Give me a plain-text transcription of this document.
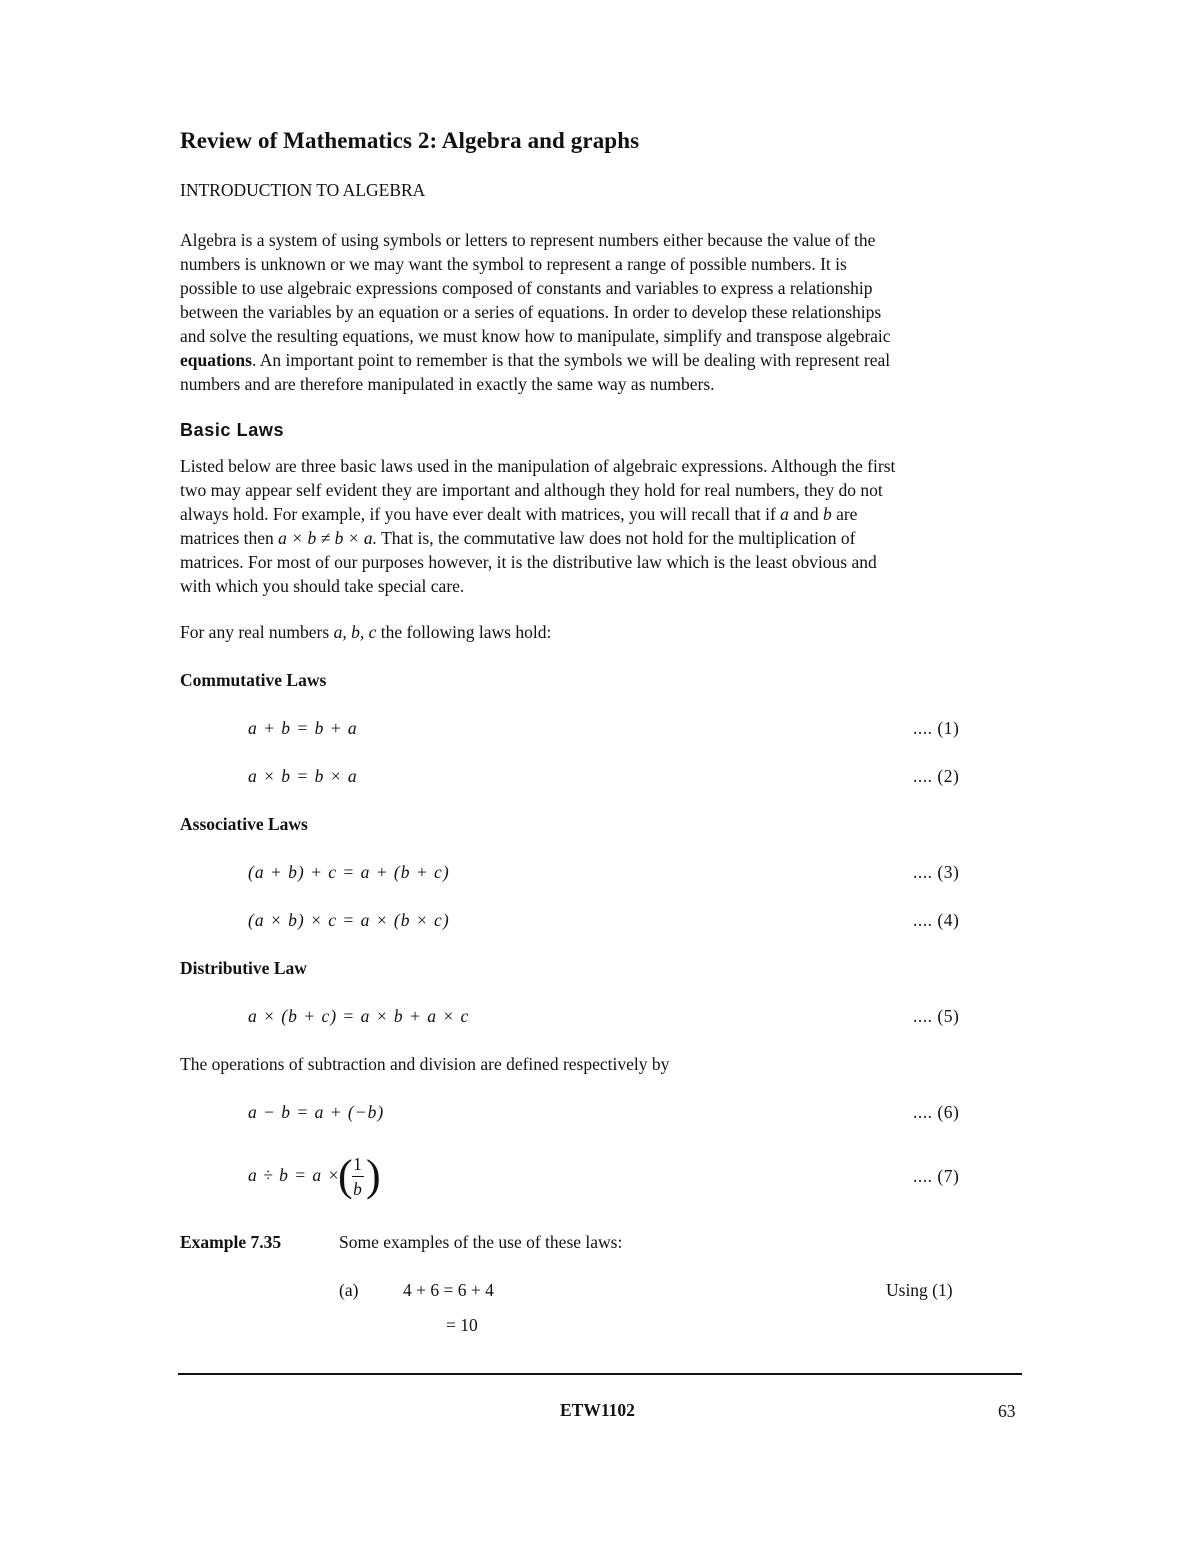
Review of Mathematics 2: Algebra and graphs
INTRODUCTION TO ALGEBRA
Algebra is a system of using symbols or letters to represent numbers either because the value of the
numbers is unknown or we may want the symbol to represent a range of possible numbers. It is
possible to use algebraic expressions composed of constants and variables to express a relationship
between the variables by an equation or a series of equations. In order to develop these relationships
and solve the resulting equations, we must know how to manipulate, simplify and transpose algebraic
equations. An important point to remember is that the symbols we will be dealing with represent real
numbers and are therefore manipulated in exactly the same way as numbers.
Basic Laws
Listed below are three basic laws used in the manipulation of algebraic expressions. Although the first
two may appear self evident they are important and although they hold for real numbers, they do not
always hold. For example, if you have ever dealt with matrices, you will recall that if a and b are
matrices then a × b ≠ b × a. That is, the commutative law does not hold for the multiplication of
matrices. For most of our purposes however, it is the distributive law which is the least obvious and
with which you should take special care.
For any real numbers a, b, c the following laws hold:
Commutative Laws
a + b = b + a	.... (1)
a × b = b × a	.... (2)
Associative Laws
(a + b) + c = a + (b + c)	.... (3)
(a × b) × c = a × (b × c)	.... (4)
Distributive Law
a × (b + c) = a × b + a × c	.... (5)
The operations of subtraction and division are defined respectively by
a − b = a + (−b)	.... (6)
a ÷ b = a ×
( 1
b )	.... (7)
Example 7.35	Some examples of the use of these laws:
(a)	4 + 6 = 6 + 4	Using (1)
= 10
ETW1102	63
